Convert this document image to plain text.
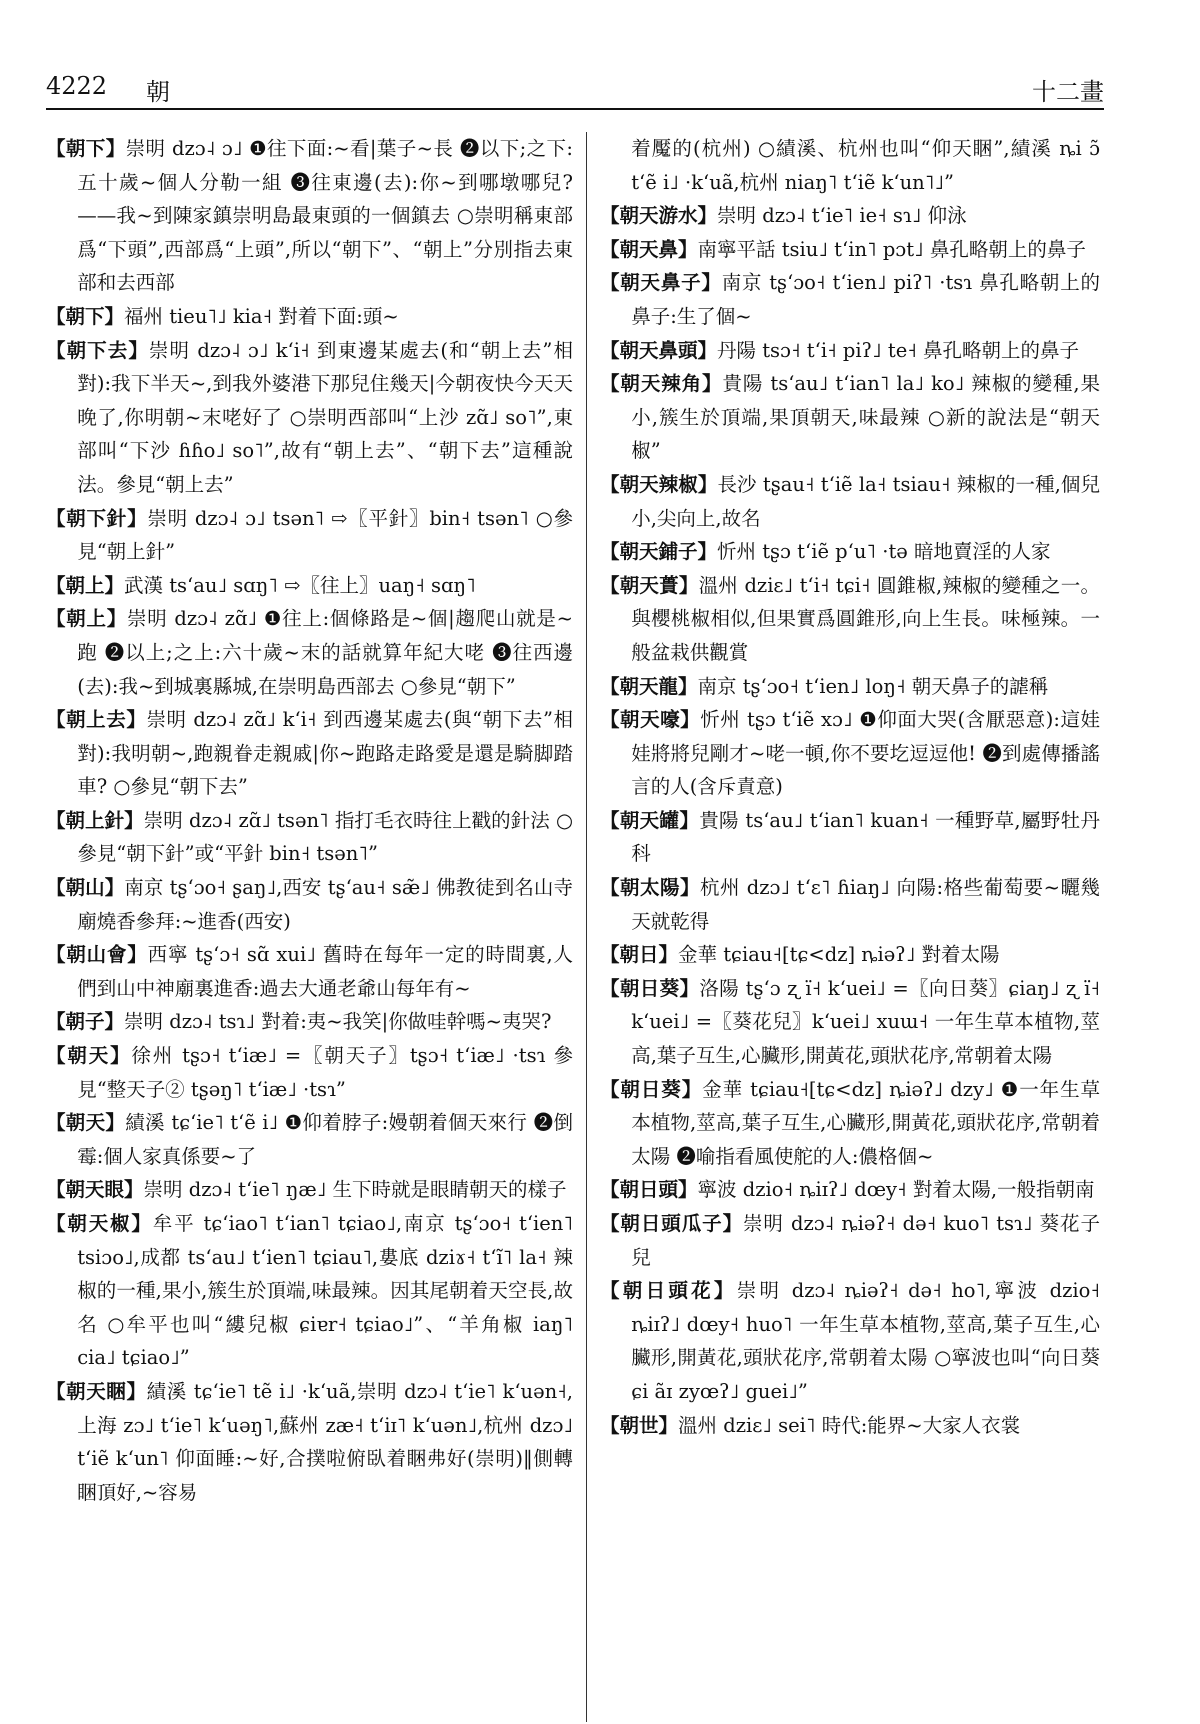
4222 朝	十二畫
【朝下】崇明 dzɔ˨ ɔ˩ ❶往下面:~看|葉子~長 ❷以下;之下:五十歲~個人分勒一組 ❸往東邊(去):你~到哪墩哪兒?——我~到陳家鎮崇明島最東頭的一個鎮去 ○崇明稱東部爲“下頭”,西部爲“上頭”,所以“朝下”、“朝上”分別指去東部和去西部
【朝下】福州 tieu˥˩ kia˧ 對着下面:頭~
【朝下去】崇明 dzɔ˨ ɔ˩ kʻi˧ 到東邊某處去(和“朝上去”相對):我下半天~,到我外婆港下那兒住幾天|今朝夜快今天天晚了,你明朝~末咾好了 ○崇明西部叫“上沙 zɑ̃˩ so˥”,東部叫“下沙 ɦɦo˩ so˥”,故有“朝上去”、“朝下去”這種說法。參見“朝上去”
【朝下針】崇明 dzɔ˨ ɔ˩ tsən˥ ⇨〖平針〗bin˧ tsən˥ ○參見“朝上針”
【朝上】武漢 tsʻau˩ sɑŋ˥ ⇨〖往上〗uaŋ˧ sɑŋ˥
【朝上】崇明 dzɔ˨ zɑ̃˩ ❶往上:個條路是~個|趨爬山就是~跑 ❷以上;之上:六十歲~末的話就算年紀大咾 ❸往西邊(去):我~到城裏縣城,在崇明島西部去 ○參見“朝下”
【朝上去】崇明 dzɔ˨ zɑ̃˩ kʻi˧ 到西邊某處去(與“朝下去”相對):我明朝~,跑親眷走親戚|你~跑路走路愛是還是騎脚踏車? ○參見“朝下去”
【朝上針】崇明 dzɔ˨ zɑ̃˩ tsən˥ 指打毛衣時往上戳的針法 ○參見“朝下針”或“平針 bin˧ tsən˥”
【朝山】南京 tʂʻɔo˧ ʂaŋ˩,西安 tʂʻau˧ sæ̃˩ 佛教徒到名山寺廟燒香參拜:~進香(西安)
【朝山會】西寧 tʂʻɔ˧ sɑ̃ xui˩ 舊時在每年一定的時間裏,人們到山中神廟裏進香:過去大通老爺山每年有~
【朝子】崇明 dzɔ˨ tsɿ˩ 對着:夷~我笑|你做哇幹嗎~夷哭?
【朝天】徐州 tʂɔ˧ tʻiæ˩ =〖朝天子〗tʂɔ˧ tʻiæ˩ ·tsɿ 參見“整天子② tʂəŋ˥ tʻiæ˩ ·tsɿ”
【朝天】績溪 tɕʻie˥ tʻẽ i˩ ❶仰着脖子:嫚朝着個天來行 ❷倒霉:個人家真係要~了
【朝天眼】崇明 dzɔ˨ tʻie˥ ŋæ˩ 生下時就是眼睛朝天的樣子
【朝天椒】牟平 tɕʻiao˥ tʻian˥ tɕiao˩,南京 tʂʻɔo˧ tʻien˥ tsiɔo˩,成都 tsʻau˩ tʻien˥ tɕiau˥,婁底 dziɤ˧ tʻĩ˥ la˧ 辣椒的一種,果小,簇生於頂端,味最辣。因其尾朝着天空長,故名 ○牟平也叫“縷兒椒 ɕiɐr˧ tɕiao˩”、“羊角椒 iaŋ˥ cia˩ tɕiao˩”
【朝天睏】績溪 tɕʻie˥ tẽ i˩ ·kʻuã,崇明 dzɔ˨ tʻie˥ kʻuən˧,上海 zɔ˩ tʻie˥ kʻuəŋ˥,蘇州 zæ˧ tʻiɪ˥ kʻuən˩,杭州 dzɔ˩ tʻiẽ kʻun˥ 仰面睡:~好,合撲啦俯臥着睏弗好(崇明)‖側轉睏頂好,~容易
着魘的(杭州) ○績溪、杭州也叫“仰天睏”,績溪 ȵi ɔ̃ tʻẽ i˩ ·kʻuã,杭州 niaŋ˥ tʻiẽ kʻun˥˩”
【朝天游水】崇明 dzɔ˨ tʻie˥ ie˧ sɿ˩ 仰泳
【朝天鼻】南寧平話 tsiu˩ tʻin˥ pɔt˩ 鼻孔略朝上的鼻子
【朝天鼻子】南京 tʂʻɔo˧ tʻien˩ piʔ˥ ·tsɿ 鼻孔略朝上的鼻子:生了個~
【朝天鼻頭】丹陽 tsɔ˧ tʻi˧ piʔ˩ te˧ 鼻孔略朝上的鼻子
【朝天辣角】貴陽 tsʻau˩ tʻian˥ la˩ ko˩ 辣椒的變種,果小,簇生於頂端,果頂朝天,味最辣 ○新的說法是“朝天椒”
【朝天辣椒】長沙 tʂau˧ tʻiẽ la˧ tsiau˧ 辣椒的一種,個兒小,尖向上,故名
【朝天鋪子】忻州 tʂɔ tʻiẽ pʻu˥ ·tə 暗地賣淫的人家
【朝天蕢】溫州 dziɛ˩ tʻi˧ tɕi˧ 圓錐椒,辣椒的變種之一。與櫻桃椒相似,但果實爲圓錐形,向上生長。味極辣。一般盆栽供觀賞
【朝天龍】南京 tʂʻɔo˧ tʻien˩ loŋ˧ 朝天鼻子的謔稱
【朝天嚎】忻州 tʂɔ tʻiẽ xɔ˩ ❶仰面大哭(含厭惡意):這娃娃將將兒剛才~咾一頓,你不要圪逗逗他! ❷到處傳播謠言的人(含斥責意)
【朝天罐】貴陽 tsʻau˩ tʻian˥ kuan˧ 一種野草,屬野牡丹科
【朝太陽】杭州 dzɔ˩ tʻɛ˥ ɦiaŋ˩ 向陽:格些葡萄要~曬幾天就乾得
【朝日】金華 tɕiau˧[tɕ<dz] ȵiəʔ˩ 對着太陽
【朝日葵】洛陽 tʂʻɔ ʐ ï˧ kʻuei˩ =〖向日葵〗ɕiaŋ˩ ʐ ï˧ kʻuei˩ =〖葵花兒〗kʻuei˩ xuɯ˧ 一年生草本植物,莖高,葉子互生,心臟形,開黃花,頭狀花序,常朝着太陽
【朝日葵】金華 tɕiau˧[tɕ<dz] ȵiəʔ˩ dzy˩ ❶一年生草本植物,莖高,葉子互生,心臟形,開黃花,頭狀花序,常朝着太陽 ❷喻指看風使舵的人:儂格個~
【朝日頭】寧波 dzio˧ ȵiɪʔ˩ dœy˧ 對着太陽,一般指朝南
【朝日頭瓜子】崇明 dzɔ˨ ȵiəʔ˧ də˧ kuo˥ tsɿ˩ 葵花子兒
【朝日頭花】崇明 dzɔ˨ ȵiəʔ˧ də˧ ho˥,寧波 dzio˧ ȵiɪʔ˩ dœy˧ huo˥ 一年生草本植物,莖高,葉子互生,心臟形,開黃花,頭狀花序,常朝着太陽 ○寧波也叫“向日葵 ɕi ãɪ zyœʔ˩ guei˩”
【朝世】溫州 dziɛ˩ sei˥ 時代:能界~大家人衣裳
